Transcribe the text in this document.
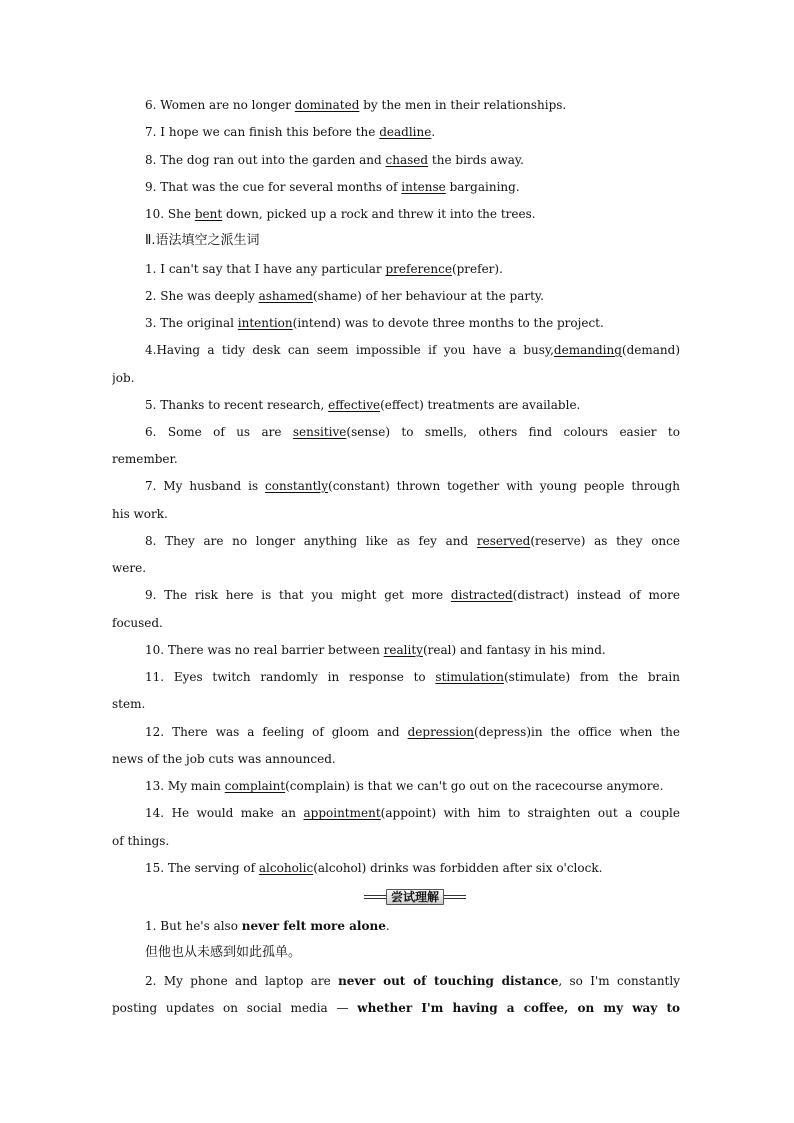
6. Women are no longer dominated by the men in their relationships.
7. I hope we can finish this before the deadline.
8. The dog ran out into the garden and chased the birds away.
9. That was the cue for several months of intense bargaining.
10. She bent down, picked up a rock and threw it into the trees.
Ⅱ.语法填空之派生词
1. I can't say that I have any particular preference(prefer).
2. She was deeply ashamed(shame) of her behaviour at the party.
3. The original intention(intend) was to devote three months to the project.
4.Having a tidy desk can seem impossible if you have a busy,demanding(demand)
job.
5. Thanks to recent research, effective(effect) treatments are available.
6. Some of us are sensitive(sense) to smells, others find colours easier to
remember.
7. My husband is constantly(constant) thrown together with young people through
his work.
8. They are no longer anything like as fey and reserved(reserve) as they once
were.
9. The risk here is that you might get more distracted(distract) instead of more
focused.
10. There was no real barrier between reality(real) and fantasy in his mind.
11. Eyes twitch randomly in response to stimulation(stimulate) from the brain
stem.
12. There was a feeling of gloom and depression(depress)in the office when the
news of the job cuts was announced.
13. My main complaint(complain) is that we can't go out on the racecourse anymore.
14. He would make an appointment(appoint) with him to straighten out a couple
of things.
15. The serving of alcoholic(alcohol) drinks was forbidden after six o'clock.
尝试理解
1. But he's also never felt more alone.
但他也从未感到如此孤单。
2. My phone and laptop are never out of touching distance, so I'm constantly
posting updates on social media — whether I'm having a coffee, on my way to
